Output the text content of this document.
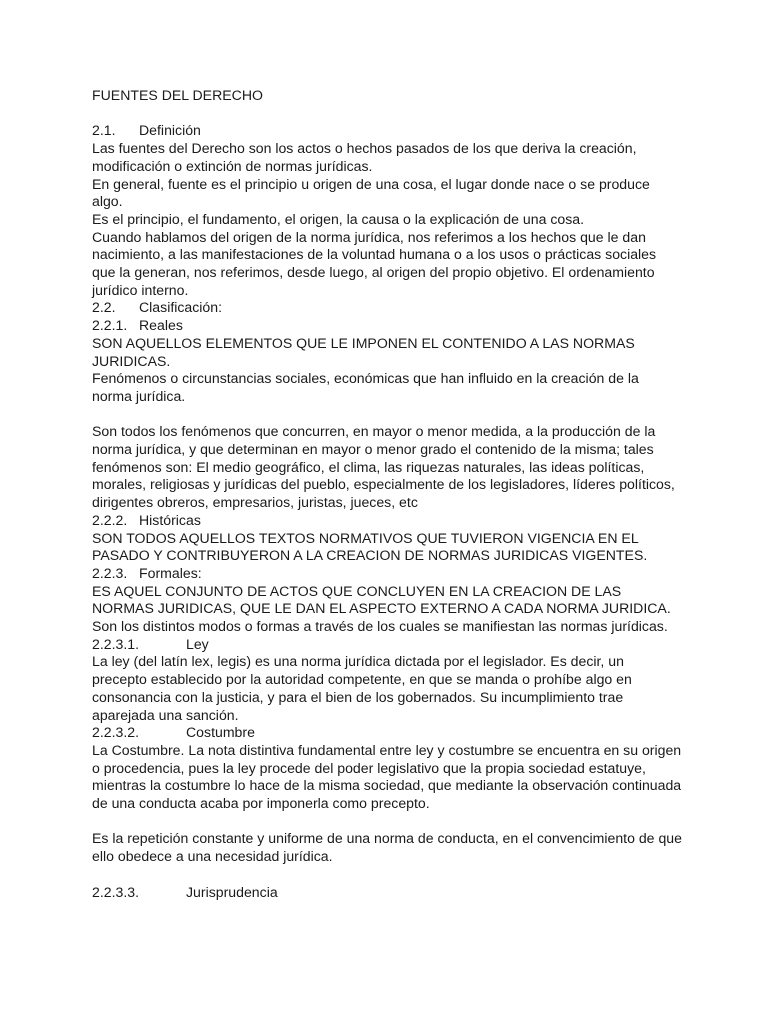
FUENTES DEL DERECHO

2.1. Definición

Las fuentes del Derecho son los actos o hechos pasados de los que deriva la creación, modificación o extinción de normas jurídicas.

En general, fuente es el principio u origen de una cosa, el lugar donde nace o se produce algo.

Es el principio, el fundamento, el origen, la causa o la explicación de una cosa.

Cuando hablamos del origen de la norma jurídica, nos referimos a los hechos que le dan nacimiento, a las manifestaciones de la voluntad humana o a los usos o prácticas sociales que la generan, nos referimos, desde luego, al origen del propio objetivo. El ordenamiento jurídico interno.

2.2. Clasificación:

2.2.1. Reales

SON AQUELLOS ELEMENTOS QUE LE IMPONEN EL CONTENIDO A LAS NORMAS JURIDICAS.

Fenómenos o circunstancias sociales, económicas que han influido en la creación de la norma jurídica.

Son todos los fenómenos que concurren, en mayor o menor medida, a la producción de la norma jurídica, y que determinan en mayor o menor grado el contenido de la misma; tales fenómenos son: El medio geográfico, el clima, las riquezas naturales, las ideas políticas, morales, religiosas y jurídicas del pueblo, especialmente de los legisladores, líderes políticos, dirigentes obreros, empresarios, juristas, jueces, etc

2.2.2. Históricas

SON TODOS AQUELLOS TEXTOS NORMATIVOS QUE TUVIERON VIGENCIA EN EL PASADO Y CONTRIBUYERON A LA CREACION DE NORMAS JURIDICAS VIGENTES.

2.2.3. Formales:

ES AQUEL CONJUNTO DE ACTOS QUE CONCLUYEN EN LA CREACION DE LAS NORMAS JURIDICAS, QUE LE DAN EL ASPECTO EXTERNO A CADA NORMA JURIDICA.

Son los distintos modos o formas a través de los cuales se manifiestan las normas jurídicas.

2.2.3.1.	Ley

La ley (del latín lex, legis) es una norma jurídica dictada por el legislador. Es decir, un precepto establecido por la autoridad competente, en que se manda o prohíbe algo en consonancia con la justicia, y para el bien de los gobernados. Su incumplimiento trae aparejada una sanción.

2.2.3.2.	Costumbre

La Costumbre. La nota distintiva fundamental entre ley y costumbre se encuentra en su origen o procedencia, pues la ley procede del poder legislativo que la propia sociedad estatuye, mientras la costumbre lo hace de la misma sociedad, que mediante la observación continuada de una conducta acaba por imponerla como precepto.

Es la repetición constante y uniforme de una norma de conducta, en el convencimiento de que ello obedece a una necesidad jurídica.

2.2.3.3.	Jurisprudencia
